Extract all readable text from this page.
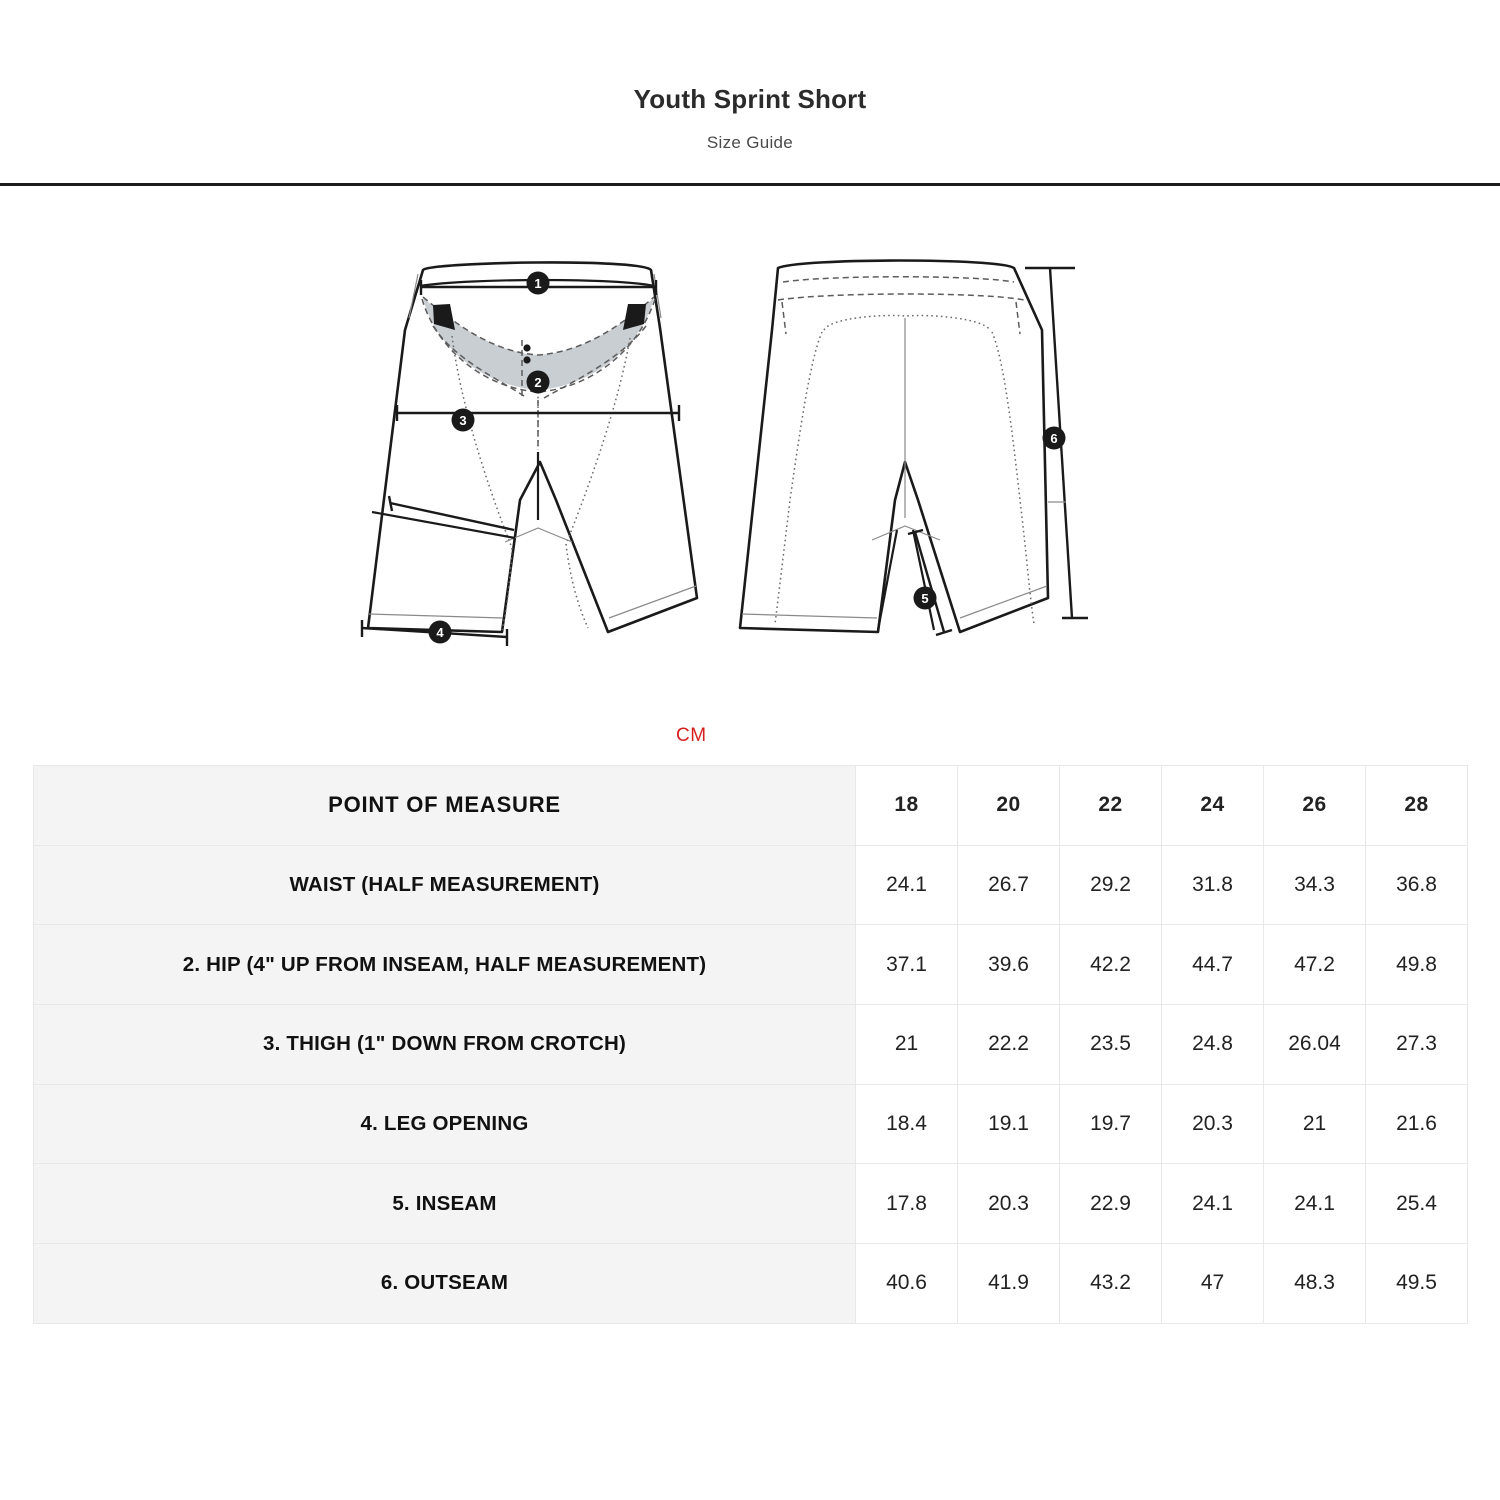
Youth Sprint Short
Size Guide
1
2
3
4
5
6
CM
POINT OF MEASURE	18	20	22	24	26	28
WAIST (HALF MEASUREMENT)	24.1	26.7	29.2	31.8	34.3	36.8
2. HIP (4" UP FROM INSEAM, HALF MEASUREMENT)	37.1	39.6	42.2	44.7	47.2	49.8
3. THIGH (1" DOWN FROM CROTCH)	21	22.2	23.5	24.8	26.04	27.3
4. LEG OPENING	18.4	19.1	19.7	20.3	21	21.6
5. INSEAM	17.8	20.3	22.9	24.1	24.1	25.4
6. OUTSEAM	40.6	41.9	43.2	47	48.3	49.5
